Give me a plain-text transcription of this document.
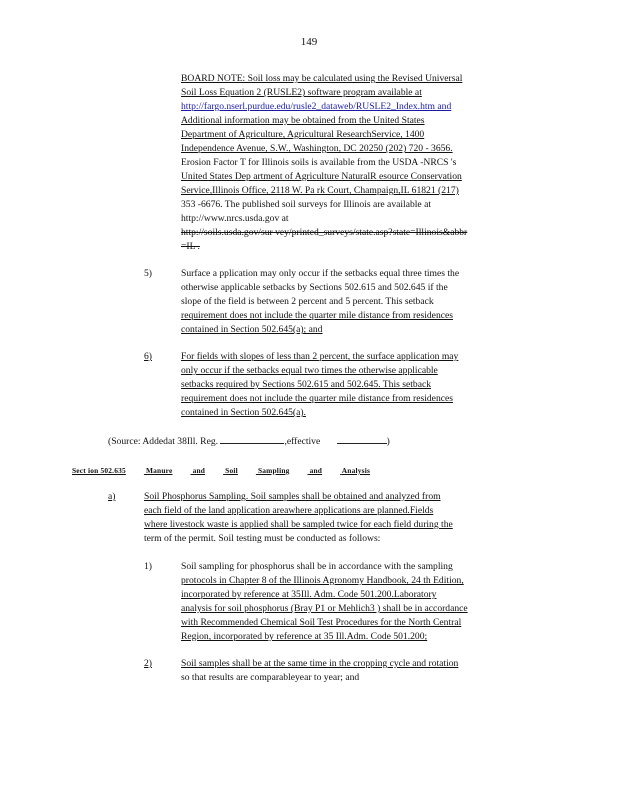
149
BOARD NOTE: Soil loss may be calculated using the Revised Universal
Soil Loss Equation 2 (RUSLE2) software program available at
http://fargo.nserl.purdue.edu/rusle2_dataweb/RUSLE2_Index.htm and
Additional information may be obtained from the United States
Department of Agriculture, Agricultural ResearchService, 1400
Independence Avenue, S.W., Washington, DC 20250 (202) 720 - 3656.
Erosion Factor T for Illinois soils is available from the USDA -NRCS 's
United States Dep artment of Agriculture NaturalR esource Conservation
Service,Illinois Office, 2118 W. Pa rk Court, Champaign,IL 61821 (217)
353 -6676. The published soil surveys for Illinois are available at
http://www.nrcs.usda.gov at
http://soils.usda.gov/sur vey/printed_surveys/state.asp?state=Illinois&abbr
=IL .
5)	Surface a pplication may only occur if the setbacks equal three times the
otherwise applicable setbacks by Sections 502.615 and 502.645 if the
slope of the field is between 2 percent and 5 percent. This setback
requirement does not include the quarter mile distance from residences
contained in Section 502.645(a); and
6)	For fields with slopes of less than 2 percent, the surface application may
only occur if the setbacks equal two times the otherwise applicable
setbacks required by Sections 502.615 and 502.645. This setback
requirement does not include the quarter mile distance from residences
contained in Section 502.645(a).
(Source: Addedat 38Ill. Reg.	,effective	)
Sect ion 502.635	Manure	and	Soil	Sampling	and	Analysis
a)	Soil Phosphorus Sampling. Soil samples shall be obtained and analyzed from
each field of the land application areawhere applications are planned.Fields
where livestock waste is applied shall be sampled twice for each field during the
term of the permit. Soil testing must be conducted as follows:
1)	Soil sampling for phosphorus shall be in accordance with the sampling
protocols in Chapter 8 of the Illinois Agronomy Handbook, 24 th Edition,
incorporated by reference at 35Ill. Adm. Code 501.200.Laboratory
analysis for soil phosphorus (Bray P1 or Mehlich3 ) shall be in accordance
with Recommended Chemical Soil Test Procedures for the North Central
Region, incorporated by reference at 35 Ill.Adm. Code 501.200;
2)	Soil samples shall be at the same time in the cropping cycle and rotation
so that results are comparableyear to year; and
